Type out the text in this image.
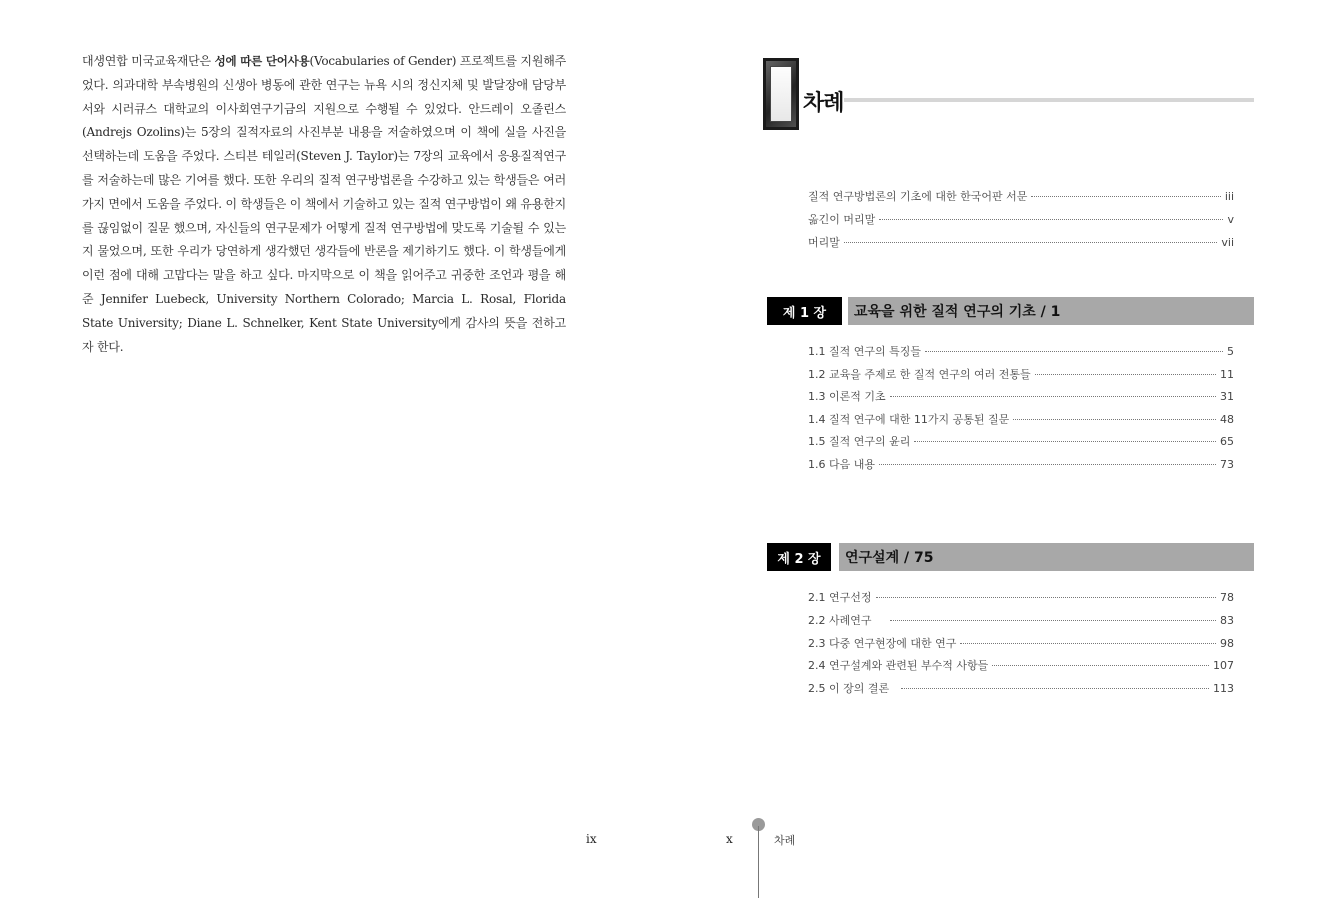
대생연합 미국교육재단은 성에 따른 단어사용(Vocabularies of Gender) 프로젝트를 지원해주었다. 의과대학 부속병원의 신생아 병동에 관한 연구는 뉴욕 시의 정신지체 및 발달장애 담당부서와 시러큐스 대학교의 이사회연구기금의 지원으로 수행될 수 있었다. 안드레이 오졸린스(Andrejs Ozolins)는 5장의 질적자료의 사진부분 내용을 저술하였으며 이 책에 실을 사진을 선택하는데 도움을 주었다. 스티븐 테일러(Steven J. Taylor)는 7장의 교육에서 응용질적연구를 저술하는데 많은 기여를 했다. 또한 우리의 질적 연구방법론을 수강하고 있는 학생들은 여러 가지 면에서 도움을 주었다. 이 학생들은 이 책에서 기술하고 있는 질적 연구방법이 왜 유용한지를 끊임없이 질문 했으며, 자신들의 연구문제가 어떻게 질적 연구방법에 맞도록 기술될 수 있는지 물었으며, 또한 우리가 당연하게 생각했던 생각들에 반론을 제기하기도 했다. 이 학생들에게 이런 점에 대해 고맙다는 말을 하고 싶다. 마지막으로 이 책을 읽어주고 귀중한 조언과 평을 해준 Jennifer Luebeck, University Northern Colorado; Marcia L. Rosal, Florida State University; Diane L. Schnelker, Kent State University에게 감사의 뜻을 전하고자 한다.

ix	x	차례
차례
질적 연구방법론의 기초에 대한 한국어판 서문	iii
옮긴이 머리말	v
머리말	vii
제 1 장	교육을 위한 질적 연구의 기초 / 1
1.1 질적 연구의 특징들	5
1.2 교육을 주제로 한 질적 연구의 여러 전통들	11
1.3 이론적 기초	31
1.4 질적 연구에 대한 11가지 공통된 질문	48
1.5 질적 연구의 윤리	65
1.6 다음 내용	73
제 2 장	연구설계 / 75
2.1 연구선정	78
2.2 사례연구	83
2.3 다중 연구현장에 대한 연구	98
2.4 연구설계와 관련된 부수적 사항들	107
2.5 이 장의 결론	113
